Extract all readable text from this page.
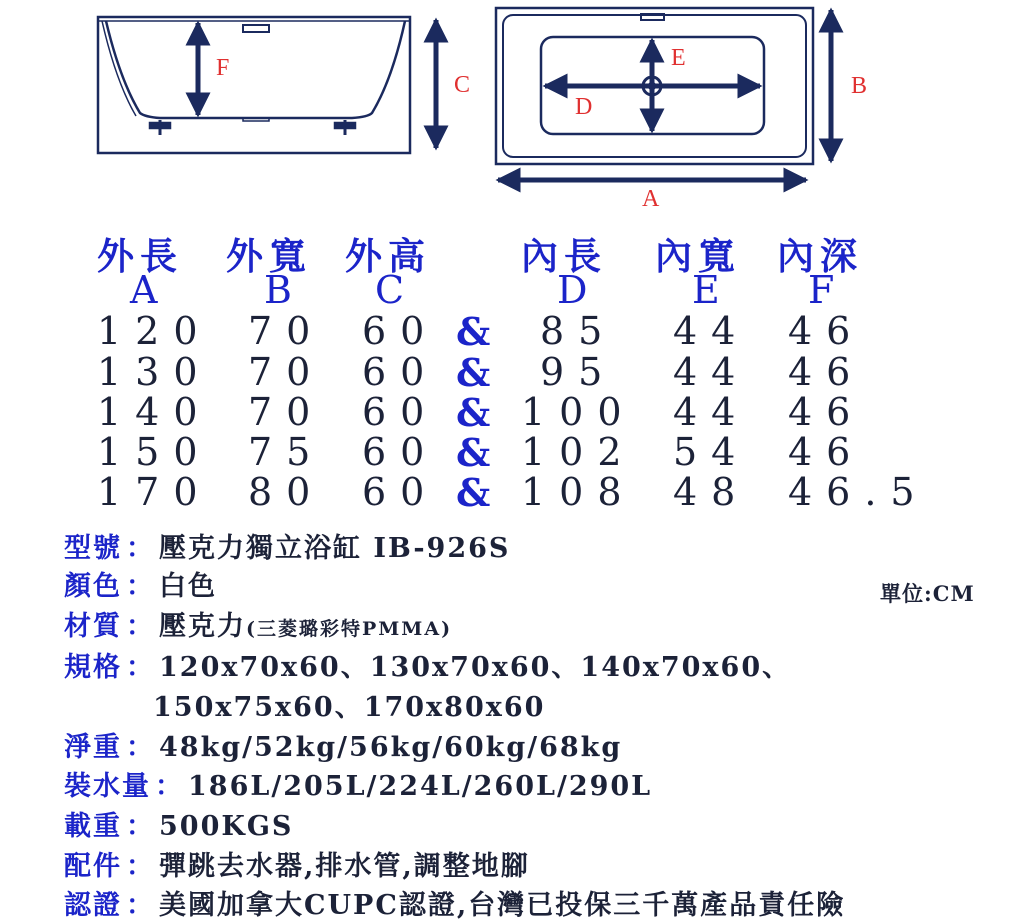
F
C
E
D
B
A
外長 外寬 外高 內長 內寬 內深
A	B C	D	E F
120 70 60 & 85 44 46
130 70 60 & 95 44 46
140 70 60 & 100 44 46
150 75 60 & 102 54 46
170 80 60 & 108 48 46.5
單位:CM
型號 ： 壓克力獨立浴缸 IB-926S
顏色 ： 白色
材質 ： 壓克力(三菱璐彩特PMMA)
規格 ： 120x70x60、130x70x60、140x70x60、
150x75x60、170x80x60
淨重 ： 48kg/52kg/56kg/60kg/68kg
裝水量 ： 186L/205L/224L/260L/290L
載重 ： 500KGS
配件 ： 彈跳去水器,排水管,調整地腳
認證 ： 美國加拿大CUPC認證,台灣已投保三千萬產品責任險
